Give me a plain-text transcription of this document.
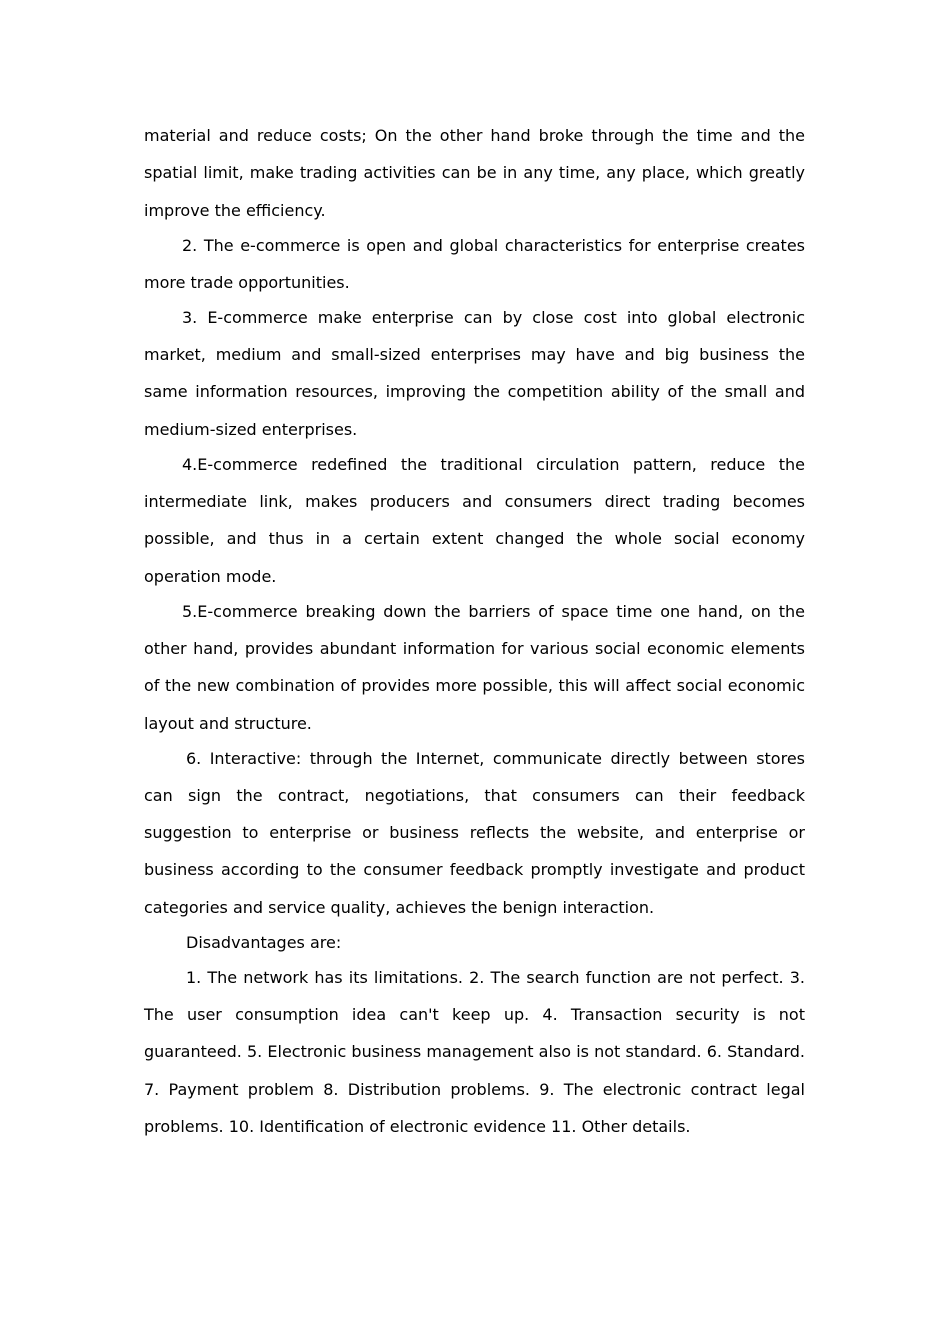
material and reduce costs; On the other hand broke through the time and the spatial limit, make trading activities can be in any time, any place, which greatly improve the efficiency.

2. The e-commerce is open and global characteristics for enterprise creates more trade opportunities.

3. E-commerce make enterprise can by close cost into global electronic market, medium and small-sized enterprises may have and big business the same information resources, improving the competition ability of the small and medium-sized enterprises.

4.E-commerce redefined the traditional circulation pattern, reduce the intermediate link, makes producers and consumers direct trading becomes possible, and thus in a certain extent changed the whole social economy operation mode.

5.E-commerce breaking down the barriers of space time one hand, on the other hand, provides abundant information for various social economic elements of the new combination of provides more possible, this will affect social economic layout and structure.

6. Interactive: through the Internet, communicate directly between stores can sign the contract, negotiations, that consumers can their feedback suggestion to enterprise or business reflects the website, and enterprise or business according to the consumer feedback promptly investigate and product categories and service quality, achieves the benign interaction.

Disadvantages are:

1. The network has its limitations. 2. The search function are not perfect. 3. The user consumption idea can't keep up. 4. Transaction security is not guaranteed. 5. Electronic business management also is not standard. 6. Standard. 7. Payment problem 8. Distribution problems. 9. The electronic contract legal problems. 10. Identification of electronic evidence 11. Other details.
